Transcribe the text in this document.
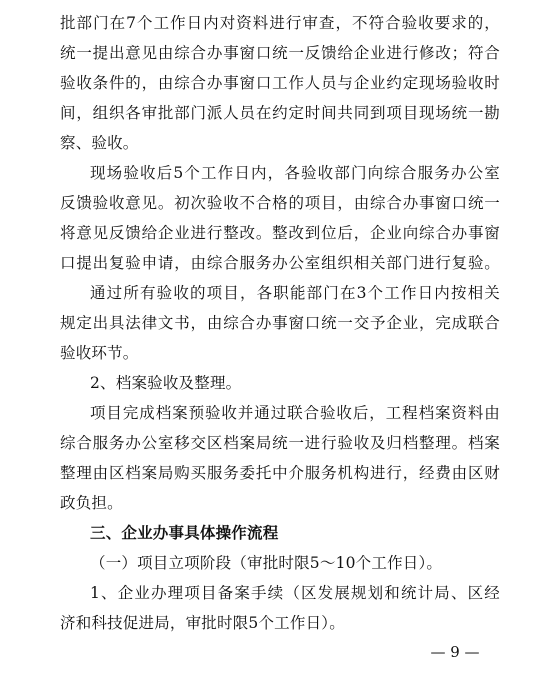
批部门在7个工作日内对资料进行审查，不符合验收要求的，
统一提出意见由综合办事窗口统一反馈给企业进行修改；符合
验收条件的，由综合办事窗口工作人员与企业约定现场验收时
间，组织各审批部门派人员在约定时间共同到项目现场统一勘
察、验收。
现场验收后5个工作日内，各验收部门向综合服务办公室
反馈验收意见。初次验收不合格的项目，由综合办事窗口统一
将意见反馈给企业进行整改。整改到位后，企业向综合办事窗
口提出复验申请，由综合服务办公室组织相关部门进行复验。
通过所有验收的项目，各职能部门在3个工作日内按相关
规定出具法律文书，由综合办事窗口统一交予企业，完成联合
验收环节。
2、档案验收及整理。
项目完成档案预验收并通过联合验收后，工程档案资料由
综合服务办公室移交区档案局统一进行验收及归档整理。档案
整理由区档案局购买服务委托中介服务机构进行，经费由区财
政负担。
三、企业办事具体操作流程
（一）项目立项阶段（审批时限5～10个工作日）。
1、企业办理项目备案手续（区发展规划和统计局、区经
济和科技促进局，审批时限5个工作日）。
— 9 —
